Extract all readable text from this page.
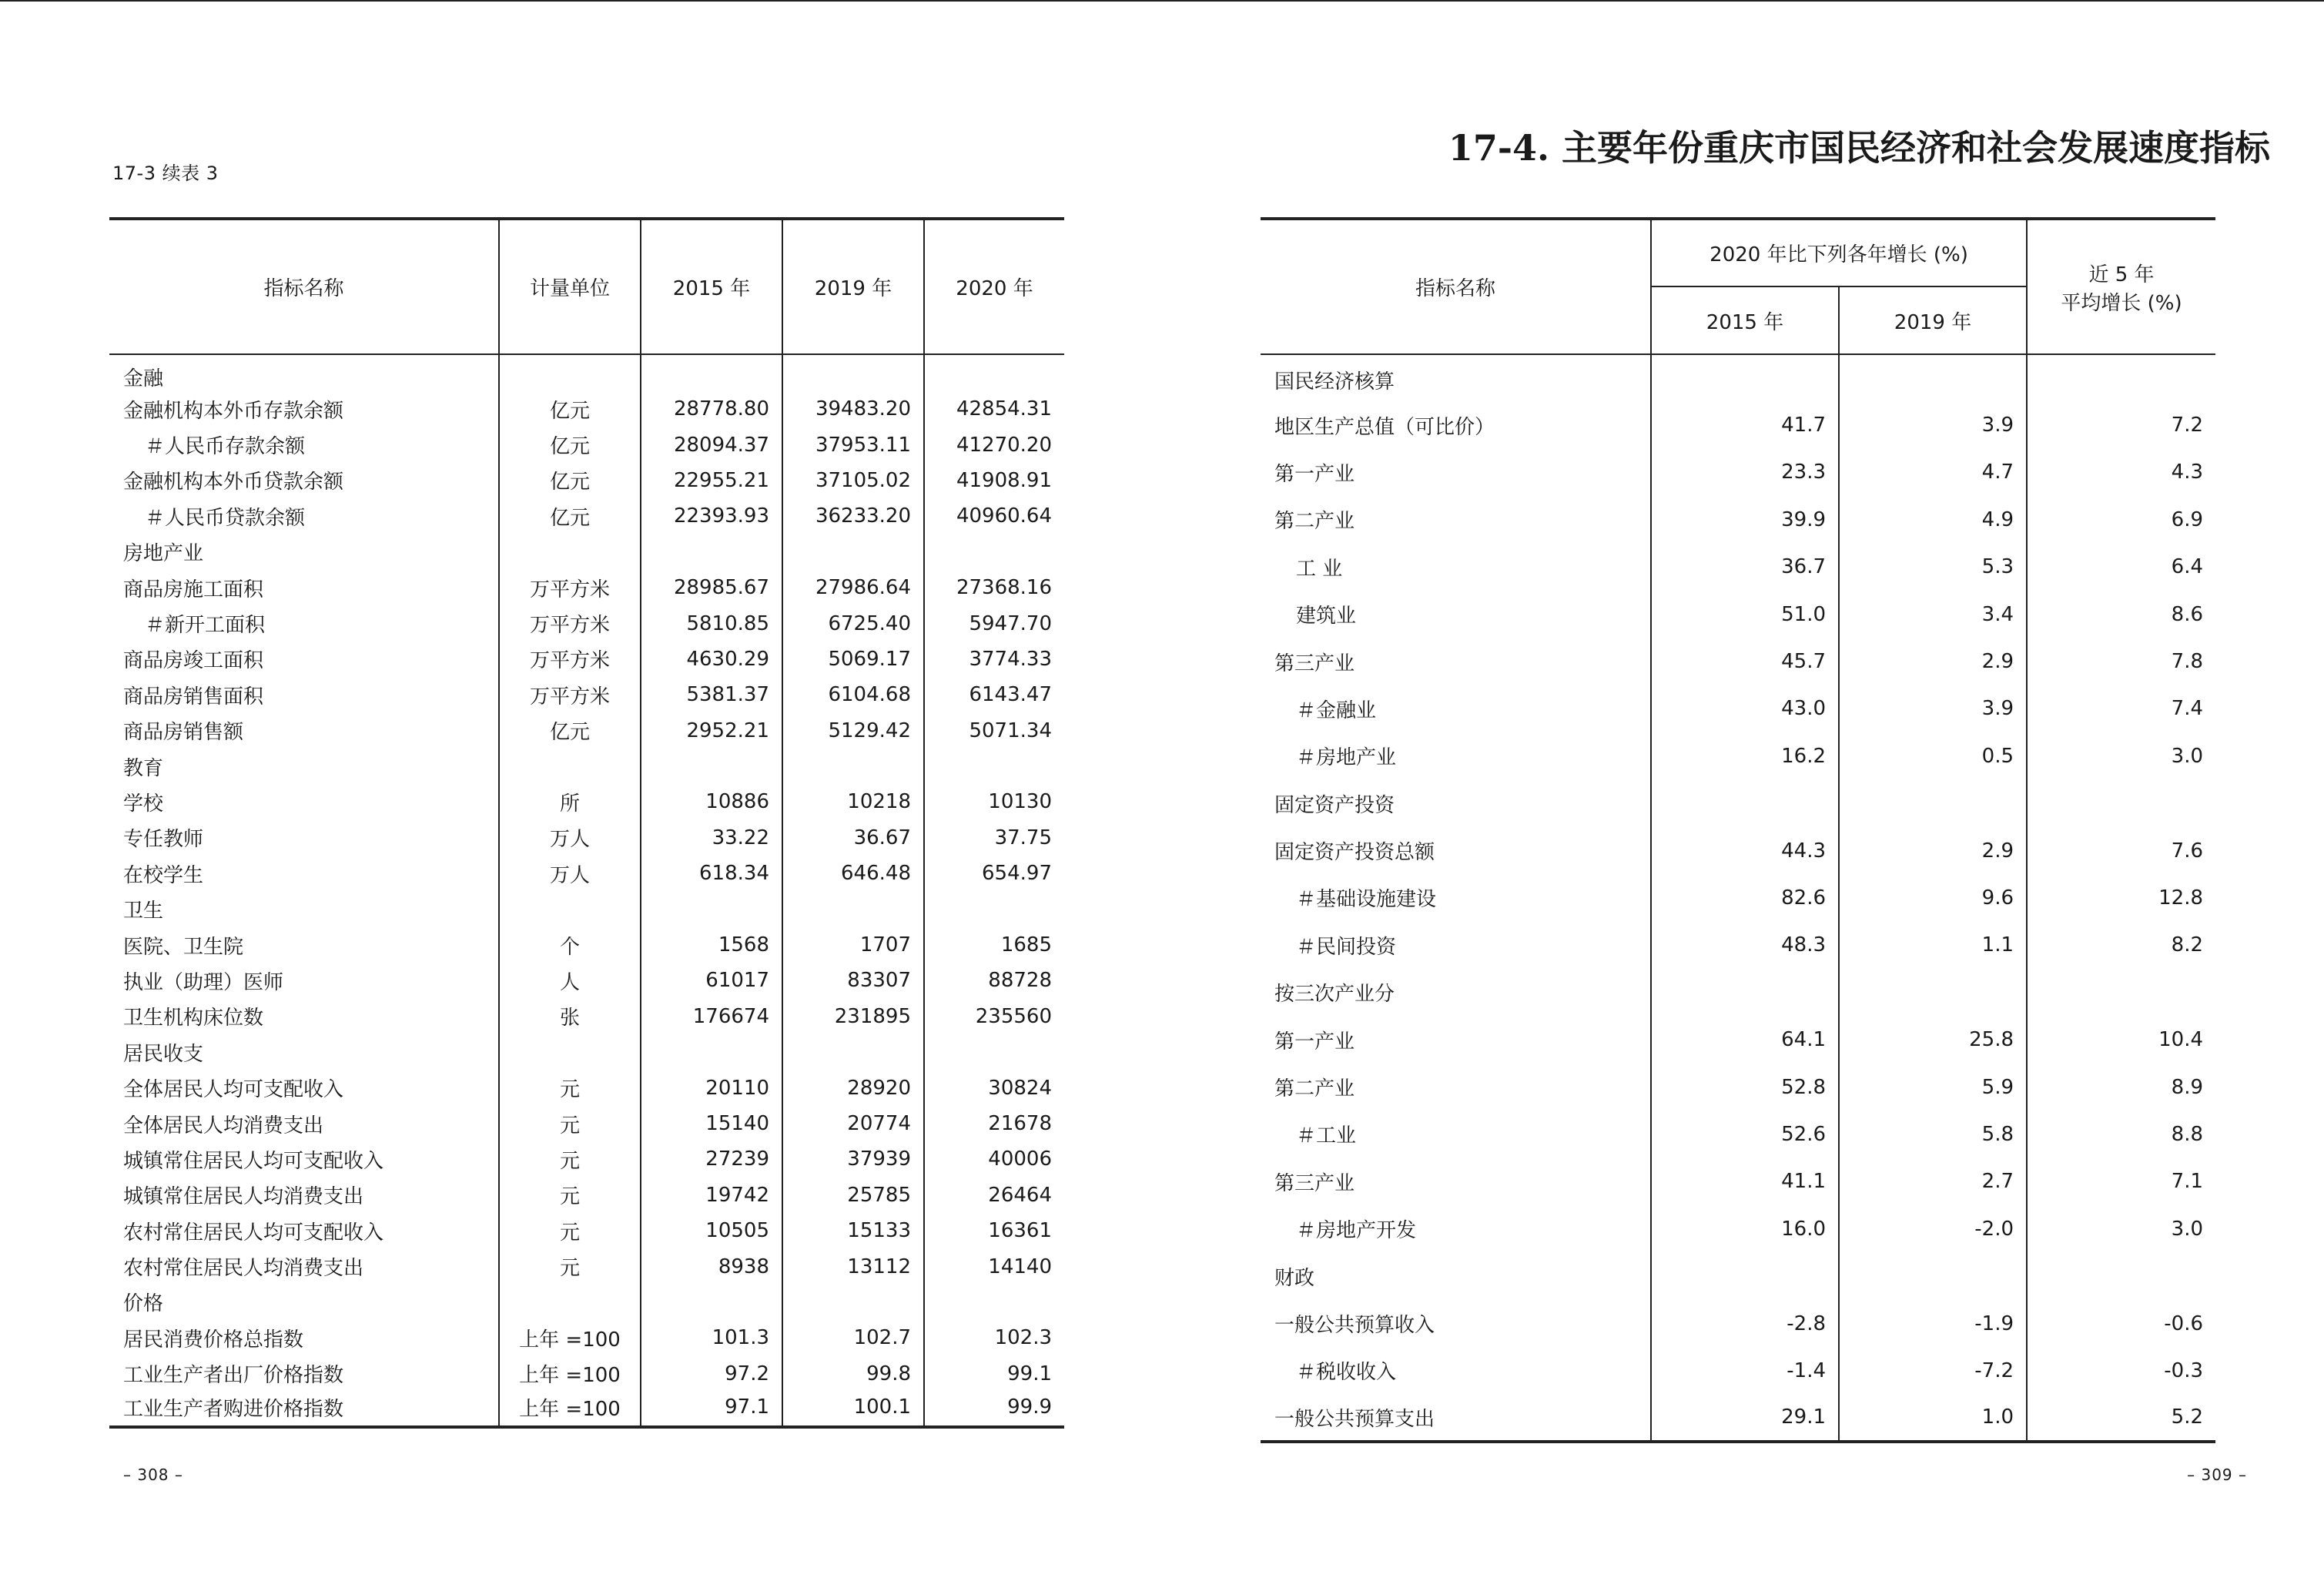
17-3 续表 3
指标名称	计量单位	2015 年	2019 年	2020 年
金融				
金融机构本外币存款余额	亿元	28778.80	39483.20	42854.31
＃人民币存款余额	亿元	28094.37	37953.11	41270.20
金融机构本外币贷款余额	亿元	22955.21	37105.02	41908.91
＃人民币贷款余额	亿元	22393.93	36233.20	40960.64
房地产业				
商品房施工面积	万平方米	28985.67	27986.64	27368.16
＃新开工面积	万平方米	5810.85	6725.40	5947.70
商品房竣工面积	万平方米	4630.29	5069.17	3774.33
商品房销售面积	万平方米	5381.37	6104.68	6143.47
商品房销售额	亿元	2952.21	5129.42	5071.34
教育				
学校	所	10886	10218	10130
专任教师	万人	33.22	36.67	37.75
在校学生	万人	618.34	646.48	654.97
卫生				
医院、卫生院	个	1568	1707	1685
执业（助理）医师	人	61017	83307	88728
卫生机构床位数	张	176674	231895	235560
居民收支				
全体居民人均可支配收入	元	20110	28920	30824
全体居民人均消费支出	元	15140	20774	21678
城镇常住居民人均可支配收入	元	27239	37939	40006
城镇常住居民人均消费支出	元	19742	25785	26464
农村常住居民人均可支配收入	元	10505	15133	16361
农村常住居民人均消费支出	元	8938	13112	14140
价格				
居民消费价格总指数	上年 =100	101.3	102.7	102.3
工业生产者出厂价格指数	上年 =100	97.2	99.8	99.1
工业生产者购进价格指数	上年 =100	97.1	100.1	99.9
– 308 –
17-4. 主要年份重庆市国民经济和社会发展速度指标
指标名称	2020 年比下列各年增长 (%)		近 5 年
平均增长 (%)

	2015 年	2019 年	
国民经济核算			
地区生产总值（可比价）	41.7	3.9	7.2
第一产业	23.3	4.7	4.3
第二产业	39.9	4.9	6.9
工 业	36.7	5.3	6.4
建筑业	51.0	3.4	8.6
第三产业	45.7	2.9	7.8
＃金融业	43.0	3.9	7.4
＃房地产业	16.2	0.5	3.0
固定资产投资			
固定资产投资总额	44.3	2.9	7.6
＃基础设施建设	82.6	9.6	12.8
＃民间投资	48.3	1.1	8.2
按三次产业分			
第一产业	64.1	25.8	10.4
第二产业	52.8	5.9	8.9
＃工业	52.6	5.8	8.8
第三产业	41.1	2.7	7.1
＃房地产开发	16.0	-2.0	3.0
财政			
一般公共预算收入	-2.8	-1.9	-0.6
＃税收收入	-1.4	-7.2	-0.3
一般公共预算支出	29.1	1.0	5.2
– 309 –
